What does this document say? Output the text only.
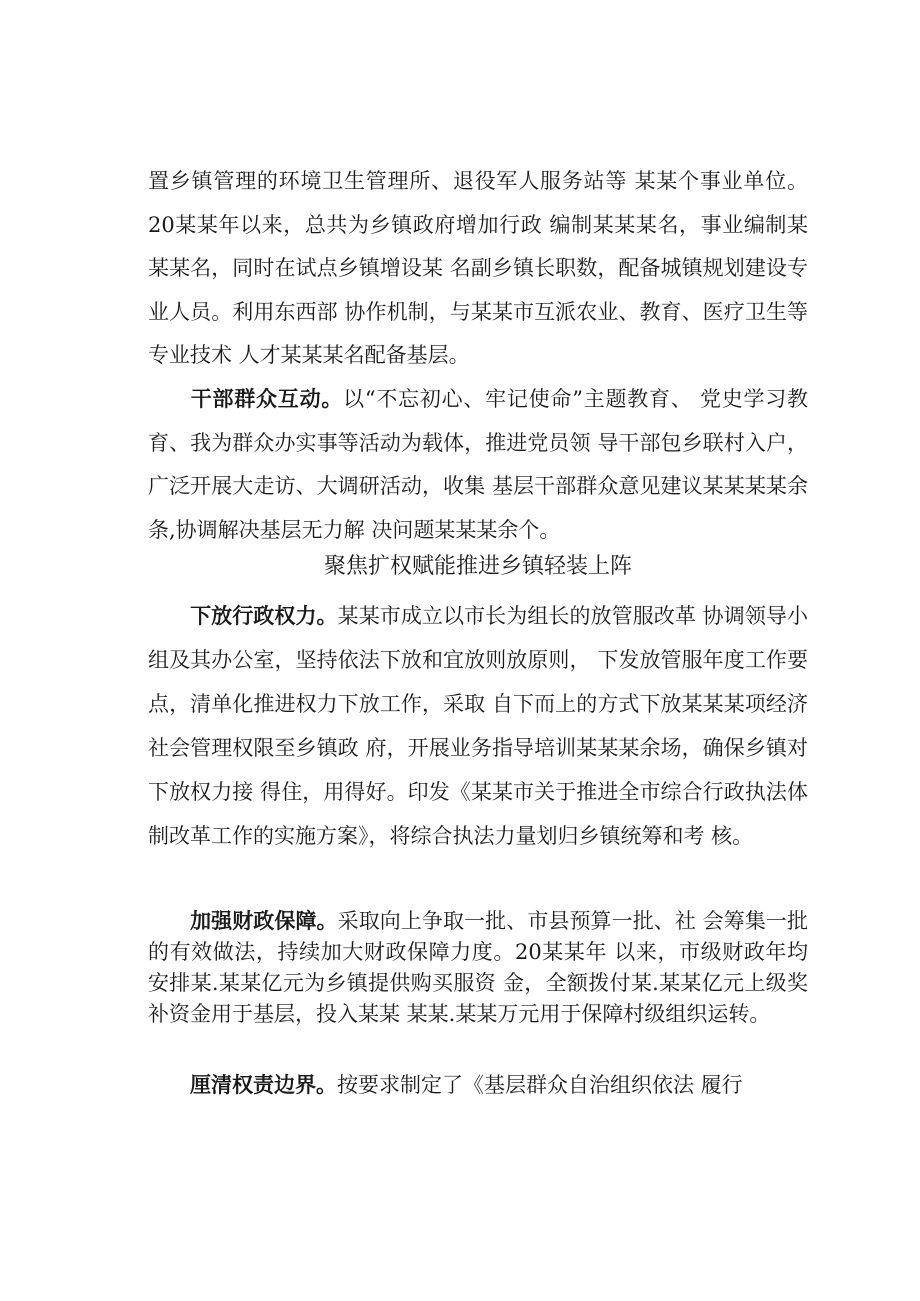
置乡镇管理的环境卫生管理所、退役军人服务站等 某某个事业单位。20某某年以来，总共为乡镇政府增加行政 编制某某某名，事业编制某某某名，同时在试点乡镇增设某 名副乡镇长职数，配备城镇规划建设专业人员。利用东西部 协作机制，与某某市互派农业、教育、医疗卫生等专业技术 人才某某某名配备基层。

干部群众互动。以“不忘初心、牢记使命”主题教育、 党史学习教育、我为群众办实事等活动为载体，推进党员领 导干部包乡联村入户，广泛开展大走访、大调研活动，收集 基层干部群众意见建议某某某某余条,协调解决基层无力解 决问题某某某余个。

聚焦扩权赋能推进乡镇轻装上阵

下放行政权力。某某市成立以市长为组长的放管服改革 协调领导小组及其办公室，坚持依法下放和宜放则放原则， 下发放管服年度工作要点，清单化推进权力下放工作，采取 自下而上的方式下放某某某项经济社会管理权限至乡镇政 府，开展业务指导培训某某某余场，确保乡镇对下放权力接 得住，用得好。印发《某某市关于推进全市综合行政执法体 制改革工作的实施方案》，将综合执法力量划归乡镇统筹和考 核。

加强财政保障。采取向上争取一批、市县预算一批、社 会筹集一批的有效做法，持续加大财政保障力度。20某某年 以来，市级财政年均安排某.某某亿元为乡镇提供购买服资 金，全额拨付某.某某亿元上级奖补资金用于基层，投入某某 某某.某某万元用于保障村级组织运转。

厘清权责边界。按要求制定了《基层群众自治组织依法 履行
